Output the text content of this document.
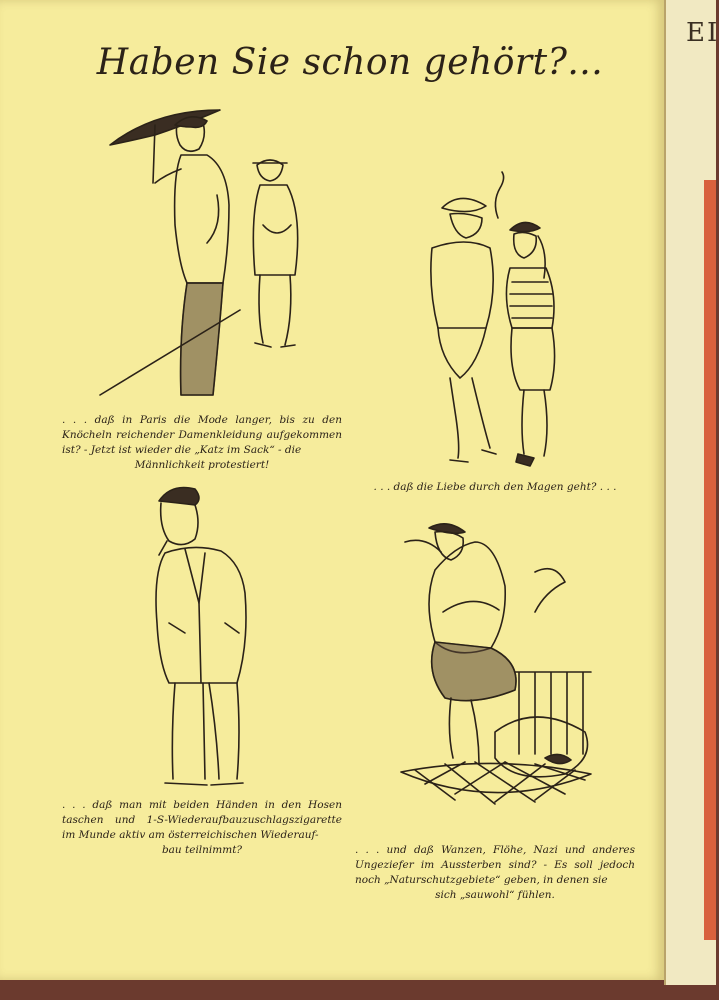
Haben Sie schon gehört?...
. . . daß in Paris die Mode langer, bis zu den Knöcheln reichender Damenkleidung aufgekommen ist? - Jetzt ist wieder die „Katz im Sack“ - die
Männlichkeit protestiert!
. . . daß die Liebe durch den Magen geht? . . .
. . . daß man mit beiden Händen in den Hosen taschen und 1-S-Wiederaufbauzuschlagszigarette im Munde aktiv am österreichischen Wiederauf-
bau teilnimmt?	. . . und daß Wanzen, Flöhe, Nazi und anderes Ungeziefer im Aussterben sind? - Es soll jedoch noch „Naturschutzgebiete“ geben, in denen sie
sich „sauwohl“ fühlen.
EI
